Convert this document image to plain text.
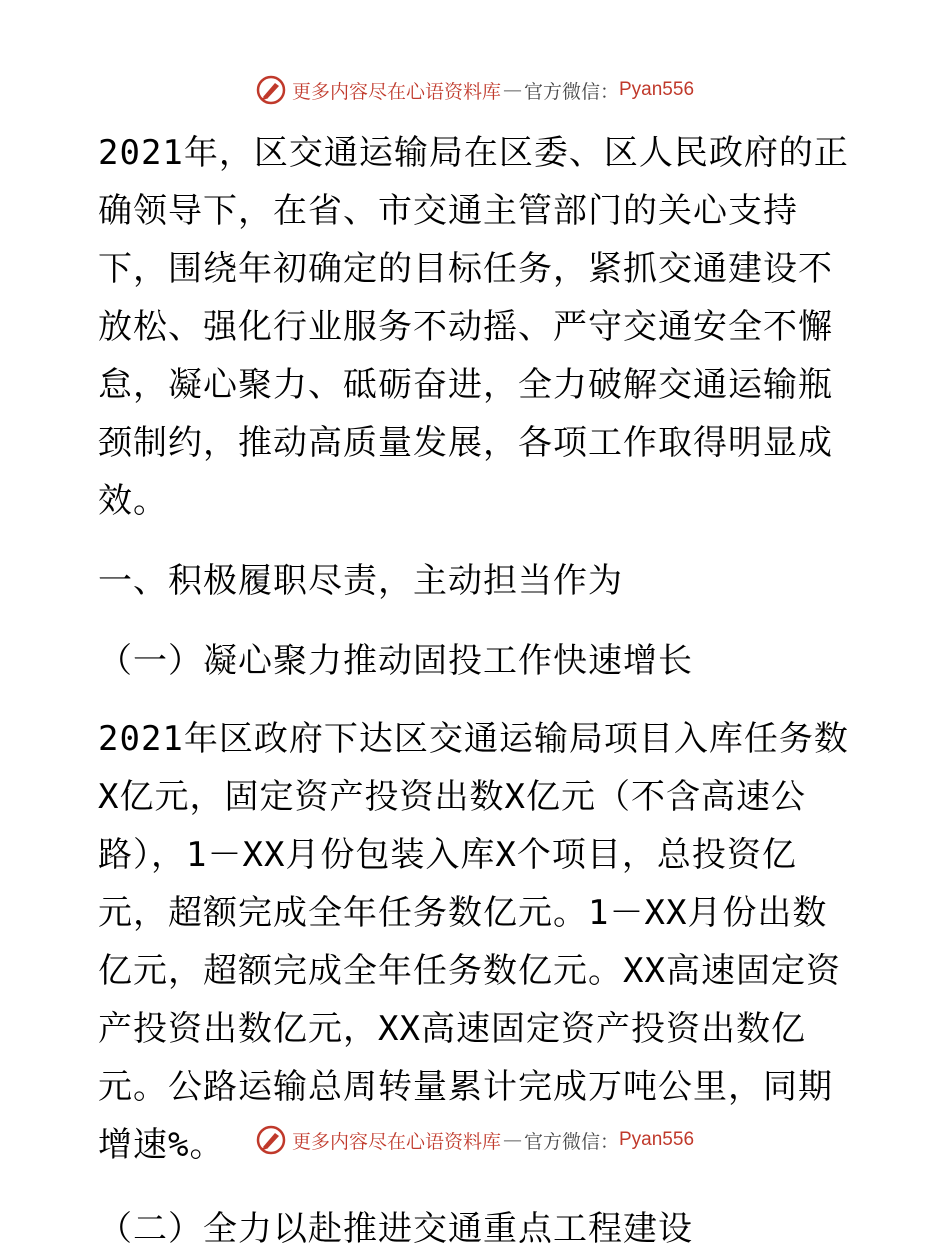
更多内容尽在心语资料库 — 官方微信： Pyan556

2021年，区交通运输局在区委、区人民政府的正确领导下，在省、市交通主管部门的关心支持下，围绕年初确定的目标任务，紧抓交通建设不放松、强化行业服务不动摇、严守交通安全不懈怠，凝心聚力、砥砺奋进，全力破解交通运输瓶颈制约，推动高质量发展，各项工作取得明显成效。

一、积极履职尽责，主动担当作为

（一）凝心聚力推动固投工作快速增长

2021年区政府下达区交通运输局项目入库任务数X亿元，固定资产投资出数X亿元（不含高速公路），1－XX月份包装入库X个项目，总投资亿元，超额完成全年任务数亿元。1－XX月份出数亿元，超额完成全年任务数亿元。XX高速固定资产投资出数亿元，XX高速固定资产投资出数亿元。公路运输总周转量累计完成万吨公里，同期增速%。

（二）全力以赴推进交通重点工程建设

更多内容尽在心语资料库 — 官方微信： Pyan556
